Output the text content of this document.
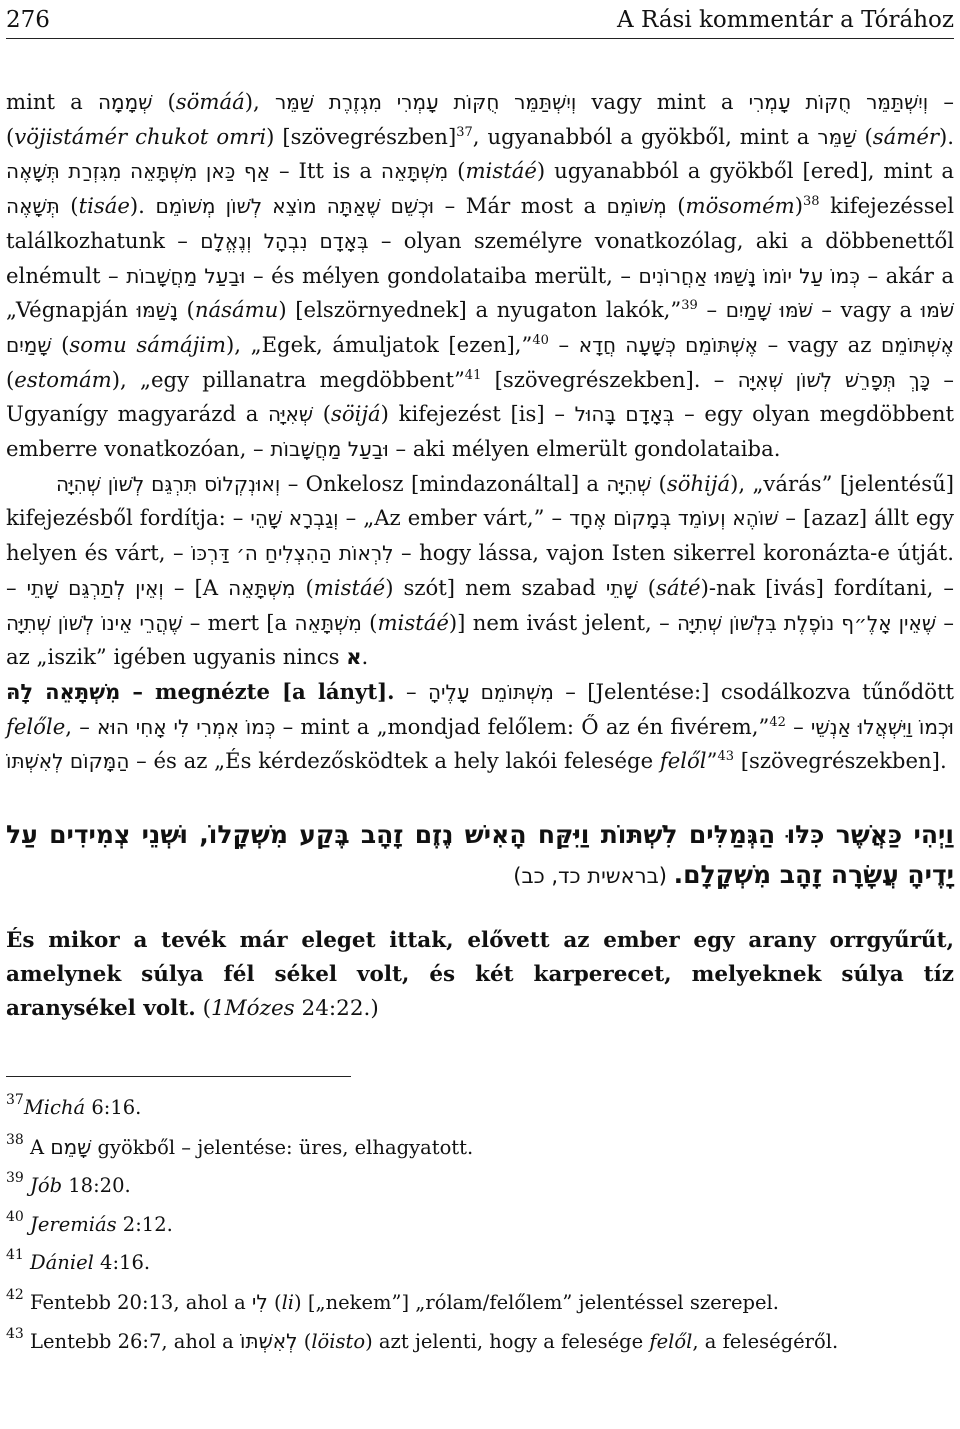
276	A Rási kommentár a Tórához

mint a שְׁמָמָה (sömáá), וְיִשְׁתַּמֵּר חֻקּוֹת עָמְרִי מִגְזֶרֶת שַׁמֵּר vagy mint a וְיִשְׁתַּמֵּר חֻקּוֹת עָמְרִי – (vöjistámér chukot omri) [szövegrészben]$^{37}$, ugyanabból a gyökből, mint a שַׁמֵּר (sámér). אַף כַּאן מִשְׁתָּאֵה מִגִּזְרַת תְּשָׁאֶה – Itt is a מִשְׁתָּאֵה (mistáé) ugyanabból a gyökből [ered], mint a תְּשָׁאֶה (tisáe). וּכְשֵׁם שֶׁאַתָּה מוֹצֵא לְשׁוֹן מְשׁוֹמֵם – Már most a מְשׁוֹמֵם (mösomém)$^{38}$ kifejezéssel találkozhatunk – בְּאָדָם נִבְהָל וְנֶאֱלָם – olyan személyre vonatkozólag, aki a döbbenettől elnémult – וּבַעַל מַחֲשָׁבוֹת – és mélyen gondolataiba merült, – כְּמוֹ עַל יוֹמוֹ נָשַׁמּוּ אַחֲרוֹנִים – akár a „Végnapján נָשַׁמּוּ (násámu) [elszörnyednek] a nyugaton lakók,”$^{39}$ – שֹׁמּוּ שָׁמַיִם – vagy a שֹׁמּוּ שָׁמַיִם (somu sámájim), „Egek, ámuljatok [ezen],”$^{40}$ – אֶשְׁתּוֹמֵם כְּשָׁעָה חֲדָא – vagy az אֶשְׁתּוֹמֵם (estomám), „egy pillanatra megdöbbent”$^{41}$ [szövegrészekben]. – כָּךְ תְּפָרֵשׁ לְשׁוֹן שְׁאִיָּה – Ugyanígy magyarázd a שְׁאִיָּה (söijá) kifejezést [is] – בְּאָדָם בָּהוּל – egy olyan megdöbbent emberre vonatkozóan, – וּבַעַל מַחֲשָׁבוֹת – aki mélyen elmerült gondolataiba.

וְאוּנְקְלוֹס תִּרְגֵּם לְשׁוֹן שְׁהִיָּה – Onkelosz [mindazonáltal] a שְׁהִיָּה (söhijá), „várás” [jelentésű] kifejezésből fordítja: – וְגַבְרָא שָׁהֵי – „Az ember várt,” – שׁוֹהֶא וְעוֹמֵד בְּמָקוֹם אֶחָד – [azaz] állt egy helyen és várt, – לִרְאוֹת הַהִצְלִיחַ ה׳ דַּרְכּוֹ – hogy lássa, vajon Isten sikerrel koronázta-e útját. – וְאֵין לְתַרְגֵּם שָׁתֵי – [A מִשְׁתָּאֵה (mistáé) szót] nem szabad שָׁתֵי (sáté)-nak [ivás] fordítani, – שֶׁהֲרֵי אֵינוֹ לְשׁוֹן שְׁתִיָּה – mert [a מִשְׁתָּאֵה (mistáé)] nem ivást jelent, – שֶׁאֵין אָלֶ״ף נוֹפֶלֶת בִּלְשׁוֹן שְׁתִיָּה – az „iszik” igében ugyanis nincs א.

מִשְׁתָּאֵה לָהּ – megnézte [a lányt]. – מִשְׁתּוֹמֵם עָלֶיהָ – [Jelentése:] csodálkozva tűnődött felőle, – כְּמוֹ אִמְרִי לִי אָחִי הוּא – mint a „mondjad felőlem: Ő az én fivérem,”$^{42}$ – וּכְמוֹ וַיִּשְׁאֲלוּ אַנְשֵׁי הַמָּקוֹם לְאִשְׁתּוֹ – és az „És kérdezősködtek a hely lakói felesége felől”$^{43}$ [szövegrészekben].

וַיְהִי כַּאֲשֶׁר כִּלּוּ הַגְּמַלִּים לִשְׁתּוֹת וַיִּקַּח הָאִישׁ נֶזֶם זָהָב בֶּקַע מִשְׁקָלוֹ, וּשְׁנֵי צְמִידִים עַל יָדֶיהָ עֲשָׂרָה זָהָב מִשְׁקָלָם. (בראשית כד, כב)
És mikor a tevék már eleget ittak, elővett az ember egy arany orrgyűrűt, amelynek súlya fél sékel volt, és két karperecet, melyeknek súlya tíz aranysékel volt. (1Mózes 24:22.)
$^{37}$Michá 6:16.
$^{38}$ A שָׁמֵם gyökből – jelentése: üres, elhagyatott.
$^{39}$ Jób 18:20.
$^{40}$ Jeremiás 2:12.
$^{41}$ Dániel 4:16.
$^{42}$ Fentebb 20:13, ahol a לִי (li) [„nekem”] „rólam/felőlem” jelentéssel szerepel.
$^{43}$ Lentebb 26:7, ahol a לְאִשְׁתּוֹ (löisto) azt jelenti, hogy a felesége felől, a feleségéről.
